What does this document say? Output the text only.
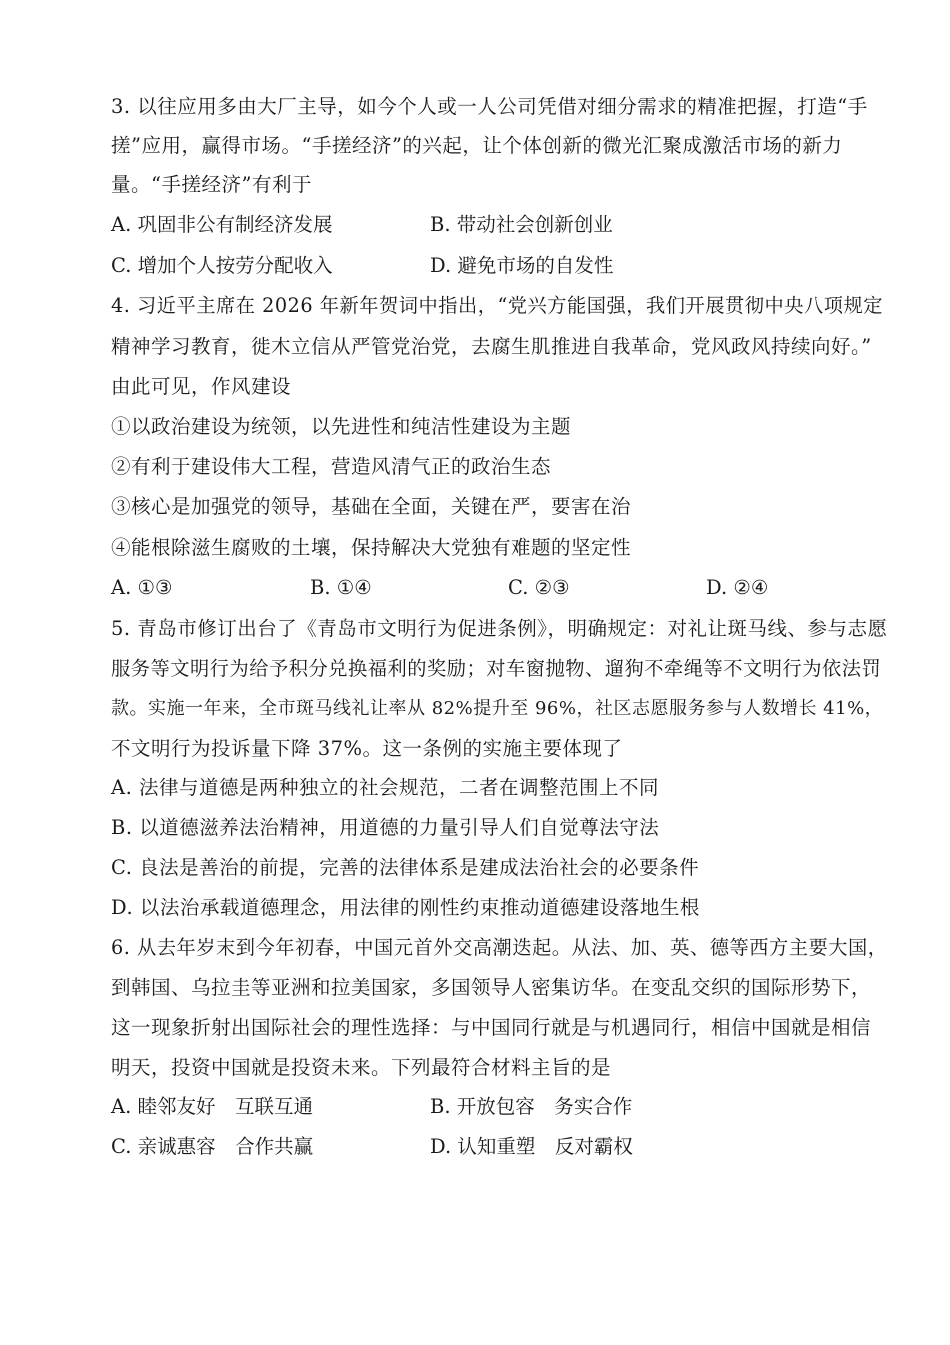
3. 以往应用多由大厂主导，如今个人或一人公司凭借对细分需求的精准把握，打造“手
搓”应用，赢得市场。“手搓经济”的兴起，让个体创新的微光汇聚成激活市场的新力
量。“手搓经济”有利于
A. 巩固非公有制经济发展	B. 带动社会创新创业
C. 增加个人按劳分配收入	D. 避免市场的自发性
4. 习近平主席在 2026 年新年贺词中指出，“党兴方能国强，我们开展贯彻中央八项规定
精神学习教育，徙木立信从严管党治党，去腐生肌推进自我革命，党风政风持续向好。”
由此可见，作风建设
①以政治建设为统领，以先进性和纯洁性建设为主题
②有利于建设伟大工程，营造风清气正的政治生态
③核心是加强党的领导，基础在全面，关键在严，要害在治
④能根除滋生腐败的土壤，保持解决大党独有难题的坚定性
A. ①③	B. ①④	C. ②③	D. ②④
5. 青岛市修订出台了《青岛市文明行为促进条例》，明确规定：对礼让斑马线、参与志愿
服务等文明行为给予积分兑换福利的奖励；对车窗抛物、遛狗不牵绳等不文明行为依法罚
款。实施一年来，全市斑马线礼让率从 82%提升至 96%，社区志愿服务参与人数增长 41%，
不文明行为投诉量下降 37%。这一条例的实施主要体现了
A. 法律与道德是两种独立的社会规范，二者在调整范围上不同
B. 以道德滋养法治精神，用道德的力量引导人们自觉尊法守法
C. 良法是善治的前提，完善的法律体系是建成法治社会的必要条件
D. 以法治承载道德理念，用法律的刚性约束推动道德建设落地生根
6. 从去年岁末到今年初春，中国元首外交高潮迭起。从法、加、英、德等西方主要大国，
到韩国、乌拉圭等亚洲和拉美国家，多国领导人密集访华。在变乱交织的国际形势下，
这一现象折射出国际社会的理性选择：与中国同行就是与机遇同行，相信中国就是相信
明天，投资中国就是投资未来。下列最符合材料主旨的是
A. 睦邻友好　互联互通	B. 开放包容　务实合作
C. 亲诚惠容　合作共赢	D. 认知重塑　反对霸权
